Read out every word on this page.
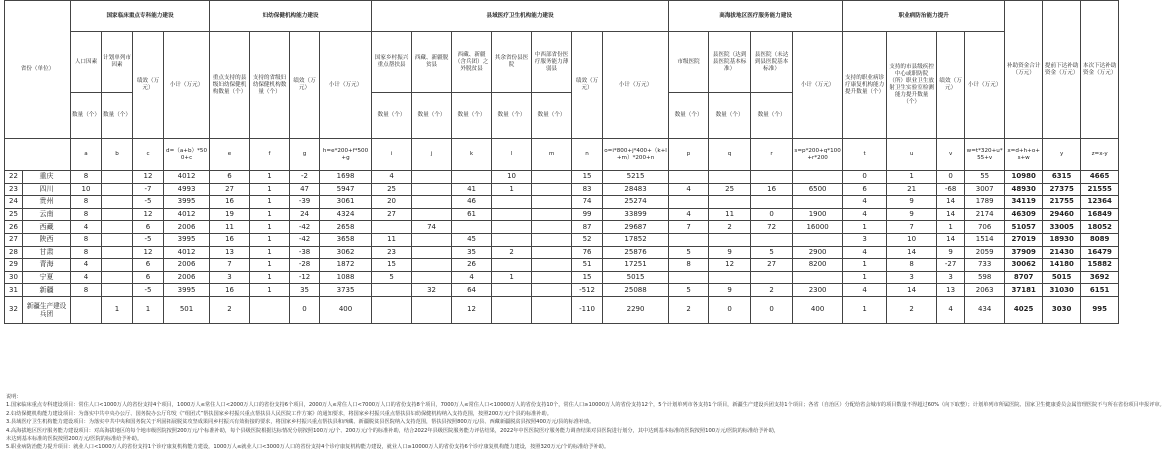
省份（单位）		国家临床重点专科能力建设				妇幼保健机构能力建设				县域医疗卫生机构能力建设							高海拔地区医疗服务能力建设				职业病防治能力提升				补助资金合计（万元）	提前下达补助资金（万元）	本次下达补助资金（万元）
		人口因素	计划单列市因素	绩效（万元）	小计（万元）	重点支持的县级妇幼保健机构数量（个）	支持的省级妇幼保健机构数量（个）	绩效（万元）	小计（万元）	国家乡村振兴重点帮扶县	西藏、新疆脱贫县	西藏、新疆（含兵团）之外脱贫县	其余省份县医院	中西部省份医疗服务能力薄弱县	绩效（万元）	小计（万元）	市级医院	县医院（达到县医院基本标准）	县医院（未达到县医院基本标准）	小计（万元）	支持的职业病诊疗康复机构能力提升数量（个）	支持的市县级疾控中心或职防院（所）职业卫生放射卫生实验室检测能力提升数量（个）	绩效（万元）	小计（万元）			
		数量（个）	数量（个）							数量（个）	数量（个）	数量（个）	数量（个）	数量（个）			数量（个）	数量（个）	数量（个）								
		a	b	c	d=（a+b）*500+c	e	f	g	h=e*200+f*500+g	i	j	k	l	m	n	o=i*800+j*400+（k+l+m）*200+n	p	q	r	s=p*200+q*100+r*200	t	u	v	w=t*320+u*55+v	x=d+h+o+s+w	y	z=x-y
22	重庆	8		12	4012	6	1	-2	1698	4			10		15	5215					0	1	0	55	10980	6315	4665
23	四川	10		-7	4993	27	1	47	5947	25		41	1		83	28483	4	25	16	6500	6	21	-68	3007	48930	27375	21555
24	贵州	8		-5	3995	16	1	-39	3061	20		46			74	25274					4	9	14	1789	34119	21755	12364
25	云南	8		12	4012	19	1	24	4324	27		61			99	33899	4	11	0	1900	4	9	14	2174	46309	29460	16849
26	西藏	4		6	2006	11	1	-42	2658		74				87	29687	7	2	72	16000	1	7	1	706	51057	33005	18052
27	陕西	8		-5	3995	16	1	-42	3658	11		45			52	17852					3	10	14	1514	27019	18930	8089
28	甘肃	8		12	4012	13	1	-38	3062	23		35	2		76	25876	5	9	5	2900	4	14	9	2059	37909	21430	16479
29	青海	4		6	2006	7	1	-28	1872	15		26			51	17251	8	12	27	8200	1	8	-27	733	30062	14180	15882
30	宁夏	4		6	2006	3	1	-12	1088	5		4	1		15	5015					1	3	3	598	8707	5015	3692
31	新疆	8		-5	3995	16	1	35	3735		32	64			-512	25088	5	9	2	2300	4	14	13	2063	37181	31030	6151
32	新疆生产建设兵团		1	1	501	2		0	400			12			-110	2290	2	0	0	400	1	2	4	434	4025	3030	995
说明：
1.国家临床重点专科建设项目：常住人口<1000万人的省份支持4个项目，1000万人≤常住人口<2000万人口的省份支持6个项目，2000万人≤常住人口<7000万人口的省份支持8个项目，7000万人≤常住人口<10000万人的省份支持10个，常住人口≥10000万人的省份支持12个，5个计划单列市各支持1个项目，新疆生产建设兵团支持1个项目；各省（自治区）分配给省会城市的项目数量不得超过60%（向下取整）；计划单列市所属医院、国家卫生健康委员会属管理医院不与所在省份项目申报评审。
2.妇幼保健机构能力建设项目：为落实中共中央办公厅、国务院办公厅印发《“组团式”帮扶国家乡村振兴重点帮扶县人民医院工作方案》的通知要求，将国家乡村振兴重点帮扶县妇幼保健机构纳入支持范围，按照200万元/个县的标准补助。
3.县域医疗卫生机构能力建设项目：为落实中共中央和国务院关于巩固拓展脱贫攻坚成果同乡村振兴有效衔接的要求，将国家乡村振兴重点帮扶县和西藏、新疆脱贫县医院纳入支持范围，帮扶县按照800万元/县、西藏新疆脱贫县按照400万元/县的标准补助。
4.高海拔地区医疗服务能力建设项目：对高海拔地区的每个地市级医院按照200万元/个标准补助，每个县级医院根据达标情况分别按照100万元/个、200万元/个的标准补助，结合2022年县级医院服务能力评估结果，2022年中医医院医疗服务能力调查结果对县医院进行划分，其中达到基本标准的医院按照100万元/医院的标准给予补助，
未达到基本标准的医院按照200万元/医院的标准给予补助。
5.职业病防治能力提升项目：就业人口<1000万人的省份支持1个诊疗康复机构能力建设，1000万人≤就业人口<3000万人口的省份支持4个诊疗康复机构能力建设，就业人口≥10000万人的省份支持6个诊疗康复机构能力建设，按照320万元/个的标准给予补助。
